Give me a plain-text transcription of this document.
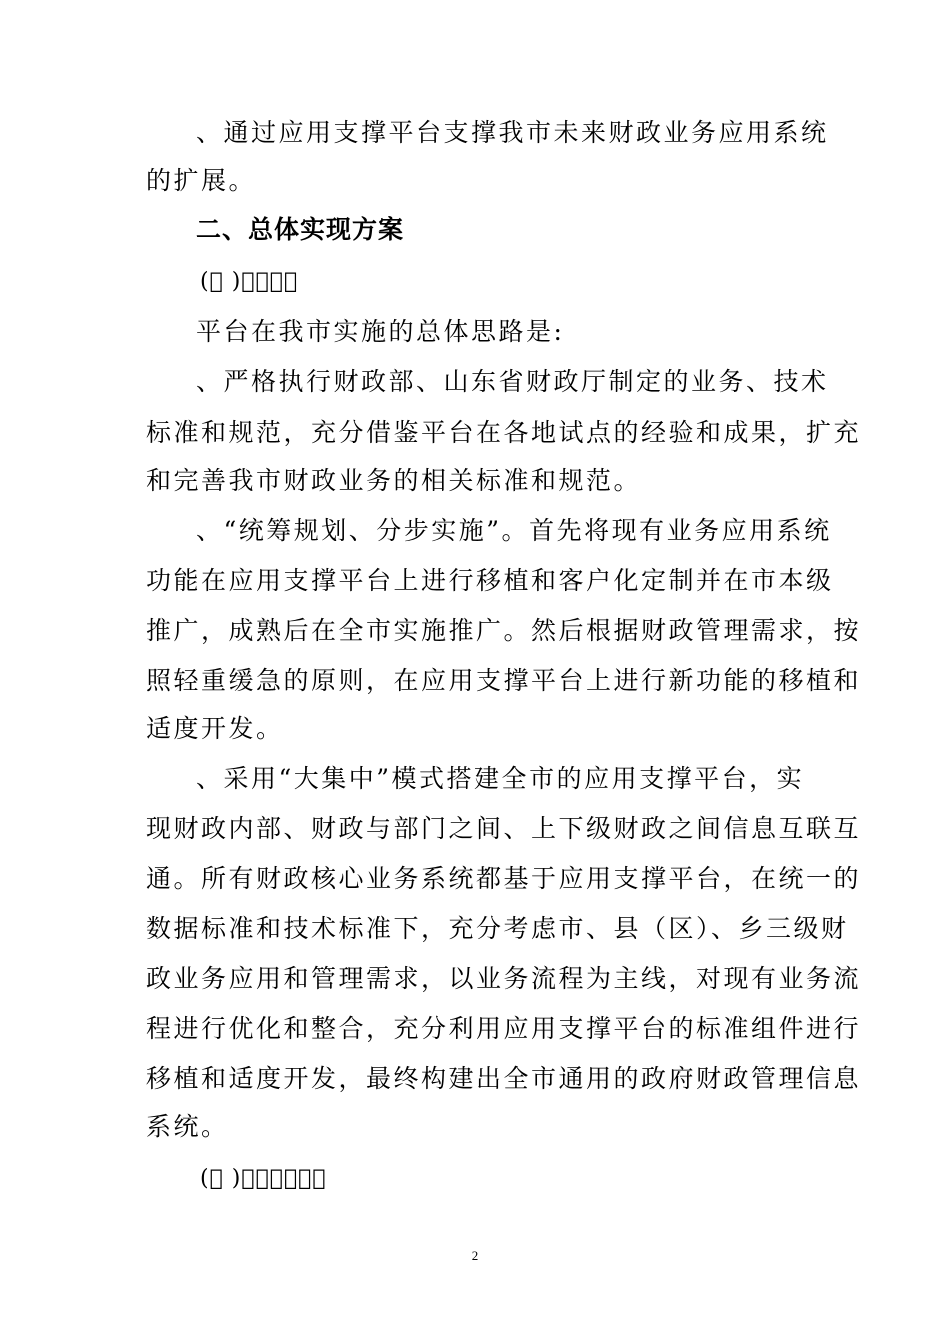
、通过应用支撑平台支撑我市未来财政业务应用系统
的扩展。
二、总体实现方案
( )
平台在我市实施的总体思路是:
、严格执行财政部、山东省财政厅制定的业务、技术
标准和规范，充分借鉴平台在各地试点的经验和成果，扩充
和完善我市财政业务的相关标准和规范。
、“统筹规划、分步实施”。首先将现有业务应用系统
功能在应用支撑平台上进行移植和客户化定制并在市本级
推广，成熟后在全市实施推广。然后根据财政管理需求，按
照轻重缓急的原则，在应用支撑平台上进行新功能的移植和
适度开发。
、采用“大集中”模式搭建全市的应用支撑平台，实
现财政内部、财政与部门之间、上下级财政之间信息互联互
通。所有财政核心业务系统都基于应用支撑平台，在统一的
数据标准和技术标准下，充分考虑市、县（区）、乡三级财
政业务应用和管理需求，以业务流程为主线，对现有业务流
程进行优化和整合，充分利用应用支撑平台的标准组件进行
移植和适度开发，最终构建出全市通用的政府财政管理信息
系统。
( )
2
